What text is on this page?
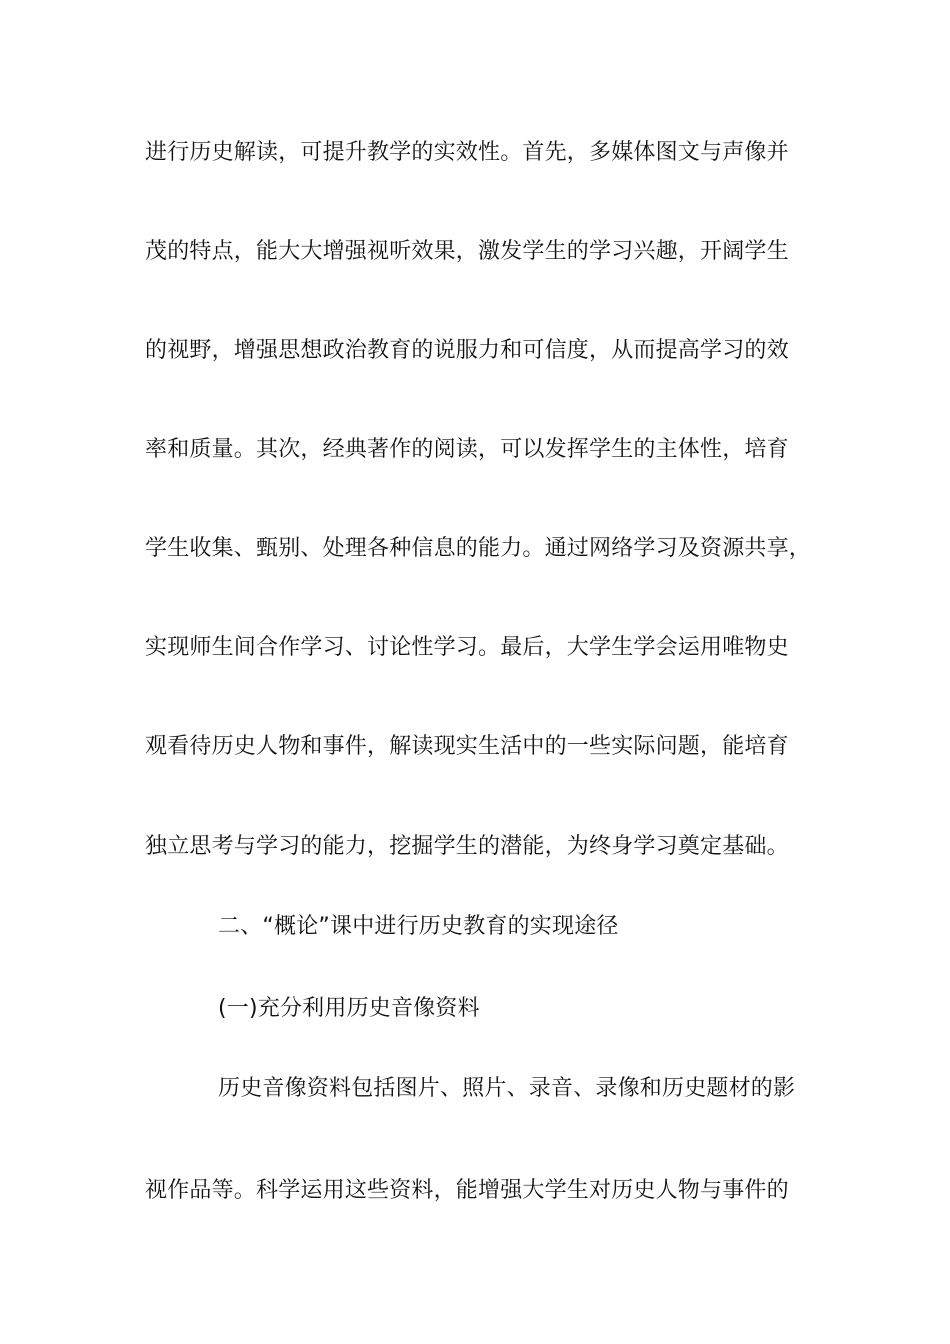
进行历史解读，可提升教学的实效性。首先，多媒体图文与声像并
茂的特点，能大大增强视听效果，激发学生的学习兴趣，开阔学生
的视野，增强思想政治教育的说服力和可信度，从而提高学习的效
率和质量。其次，经典著作的阅读，可以发挥学生的主体性，培育
学生收集、甄别、处理各种信息的能力。通过网络学习及资源共享，
实现师生间合作学习、讨论性学习。最后，大学生学会运用唯物史
观看待历史人物和事件，解读现实生活中的一些实际问题，能培育
独立思考与学习的能力，挖掘学生的潜能，为终身学习奠定基础。
二、“概论”课中进行历史教育的实现途径
(一)充分利用历史音像资料
历史音像资料包括图片、照片、录音、录像和历史题材的影
视作品等。科学运用这些资料，能增强大学生对历史人物与事件的
